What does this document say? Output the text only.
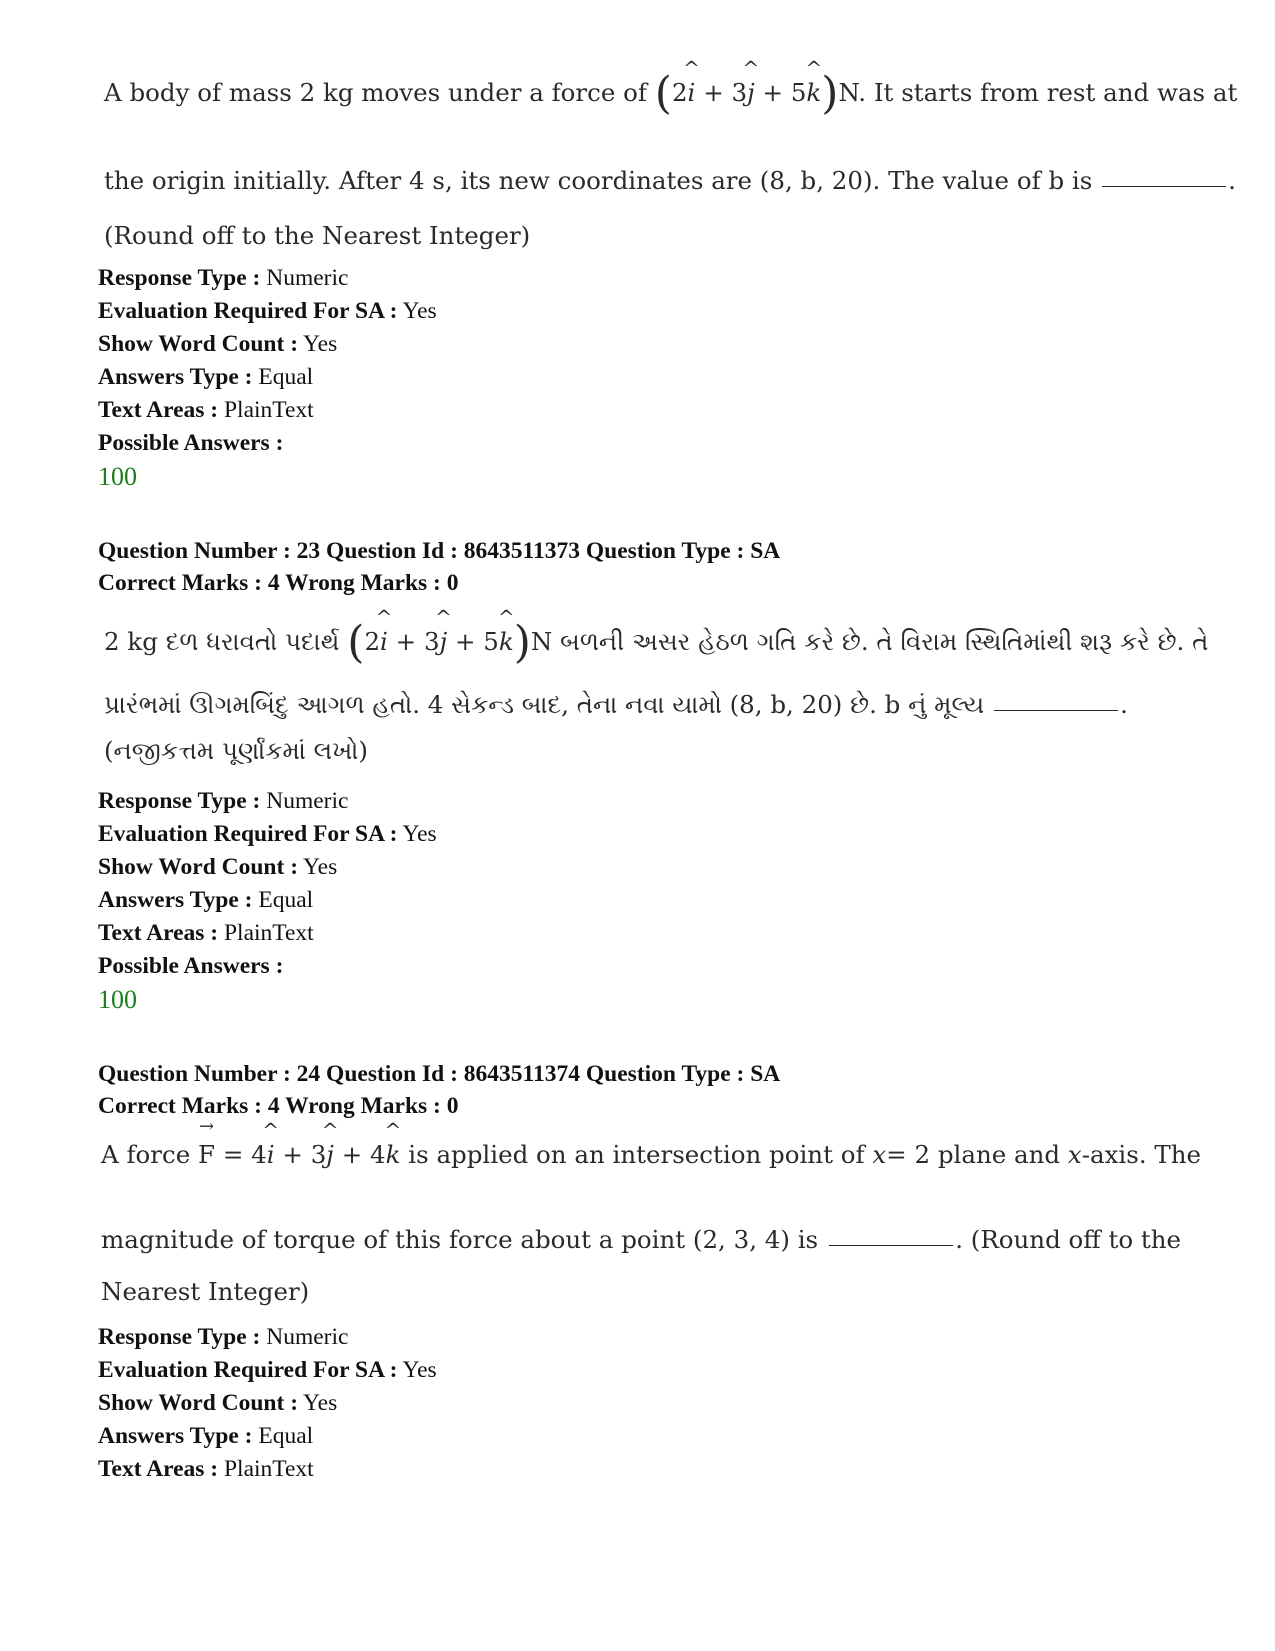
A body of mass 2 kg moves under a force of (2^ i + 3^ j + 5^ k)N. It starts from rest and was at
the origin initially. After 4 s, its new coordinates are (8, b, 20). The value of b is	.
(Round off to the Nearest Integer)
Response Type : Numeric
Evaluation Required For SA : Yes
Show Word Count : Yes
Answers Type : Equal
Text Areas : PlainText
Possible Answers :
100
Question Number : 23 Question Id : 8643511373 Question Type : SA
Correct Marks : 4 Wrong Marks : 0
2 kg દળ ધરાવતો પદાર્થ (2^ i + 3^ j + 5^ k)N બળની અસર હેઠળ ગતિ કરે છે. તે વિરામ સ્થિતિમાંથી શરૂ કરે છે. તે
પ્રારંભમાં ઊગમબિંદુ આગળ હતો. 4 સેકન્ડ બાદ, તેના નવા યામો (8, b, 20) છે. b નું મૂલ્ય	.
(નજીકત્તમ પૂર્ણાંકમાં લખો)
Response Type : Numeric
Evaluation Required For SA : Yes
Show Word Count : Yes
Answers Type : Equal
Text Areas : PlainText
Possible Answers :
100
Question Number : 24 Question Id : 8643511374 Question Type : SA
Correct Marks : 4 Wrong Marks : 0
A force → F = 4^ i + 3^ j + 4^ k is applied on an intersection point of x= 2 plane and x-axis. The
magnitude of torque of this force about a point (2, 3, 4) is	. (Round off to the
Nearest Integer)
Response Type : Numeric
Evaluation Required For SA : Yes
Show Word Count : Yes
Answers Type : Equal
Text Areas : PlainText
